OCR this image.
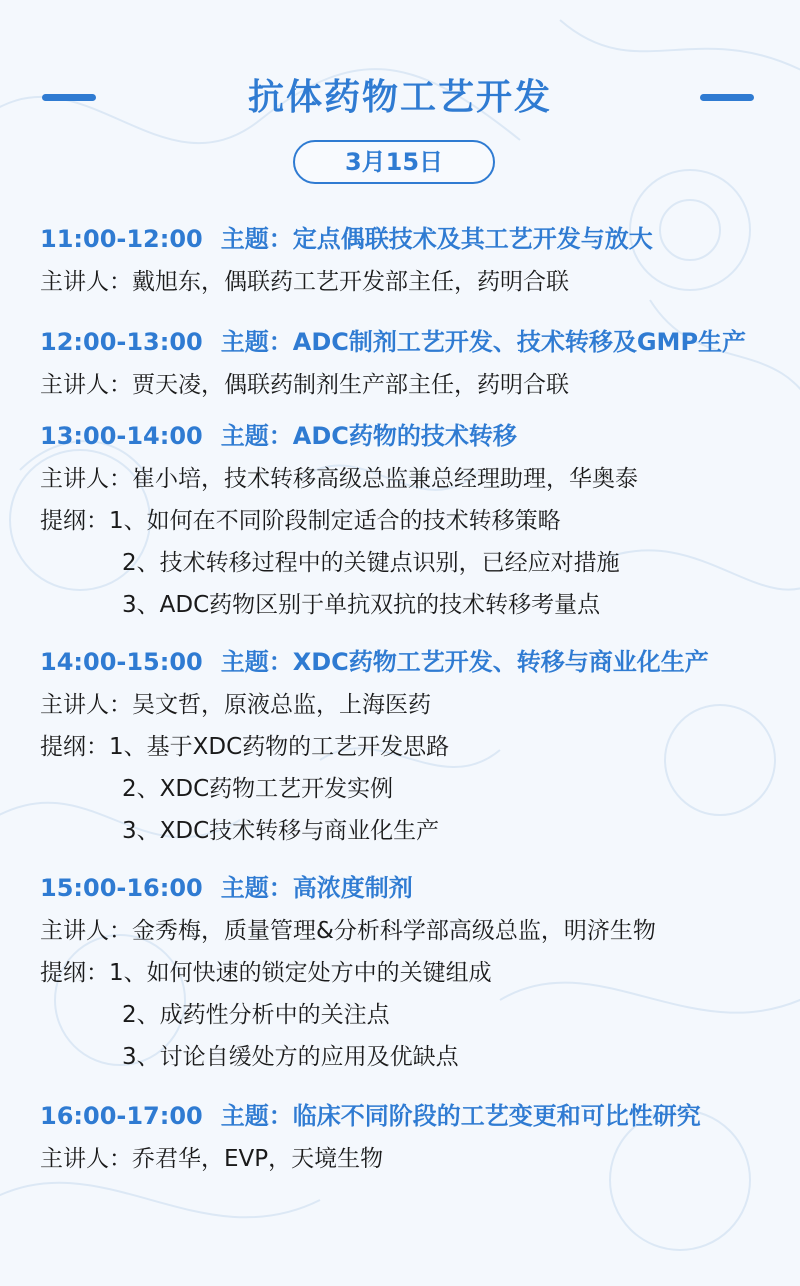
抗体药物工艺开发
3月15日
11:00-12:00 主题：定点偶联技术及其工艺开发与放大
主讲人：戴旭东，偶联药工艺开发部主任，药明合联
12:00-13:00 主题：ADC制剂工艺开发、技术转移及GMP生产
主讲人：贾天凌，偶联药制剂生产部主任，药明合联
13:00-14:00 主题：ADC药物的技术转移
主讲人：崔小培，技术转移高级总监兼总经理助理，华奥泰
提纲：1、如何在不同阶段制定适合的技术转移策略
2、技术转移过程中的关键点识别，已经应对措施
3、ADC药物区别于单抗双抗的技术转移考量点
14:00-15:00 主题：XDC药物工艺开发、转移与商业化生产
主讲人：吴文哲，原液总监，上海医药
提纲：1、基于XDC药物的工艺开发思路
2、XDC药物工艺开发实例
3、XDC技术转移与商业化生产
15:00-16:00 主题：高浓度制剂
主讲人：金秀梅，质量管理&分析科学部高级总监，明济生物
提纲：1、如何快速的锁定处方中的关键组成
2、成药性分析中的关注点
3、讨论自缓处方的应用及优缺点
16:00-17:00 主题：临床不同阶段的工艺变更和可比性研究
主讲人：乔君华，EVP，天境生物
